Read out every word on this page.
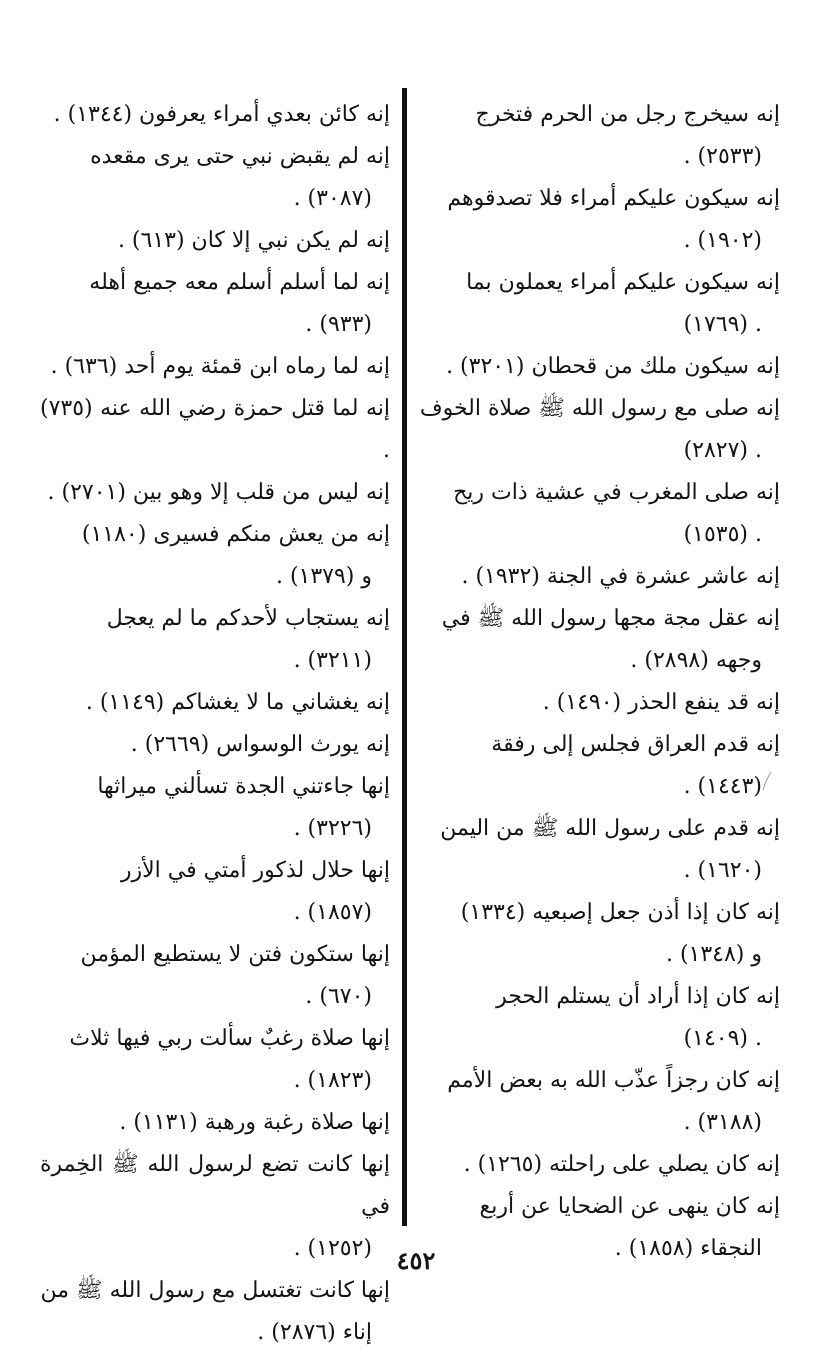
إنه سيخرج رجل من الحرم فتخرج
(٢٥٣٣) .

إنه سيكون عليكم أمراء فلا تصدقوهم
(١٩٠٢) .

إنه سيكون عليكم أمراء يعملون بما
. (١٧٦٩)

إنه سيكون ملك من قحطان (٣٢٠١) .

إنه صلى مع رسول الله ﷺ صلاة الخوف
. (٢٨٢٧)

إنه صلى المغرب في عشية ذات ريح
. (١٥٣٥)

إنه عاشر عشرة في الجنة (١٩٣٢) .

إنه عقل مجة مجها رسول الله ﷺ في
وجهه (٢٨٩٨) .

إنه قد ينفع الحذر (١٤٩٠) .

إنه قدم العراق فجلس إلى رفقة
(١٤٤٣) .

إنه قدم على رسول الله ﷺ من اليمن
(١٦٢٠) .

إنه كان إذا أذن جعل إصبعيه (١٣٣٤)
و (١٣٤٨) .

إنه كان إذا أراد أن يستلم الحجر
. (١٤٠٩)

إنه كان رجزاً عذّب الله به بعض الأمم
(٣١٨٨) .

إنه كان يصلي على راحلته (١٢٦٥) .

إنه كان ينهى عن الضحايا عن أربع
النجقاء (١٨٥٨) .

إنه كائن بعدي أمراء يعرفون (١٣٤٤) .

إنه لم يقبض نبي حتى يرى مقعده
(٣٠٨٧) .

إنه لم يكن نبي إلا كان (٦١٣) .

إنه لما أسلم أسلم معه جميع أهله
(٩٣٣) .

إنه لما رماه ابن قمئة يوم أحد (٦٣٦) .

إنه لما قتل حمزة رضي الله عنه (٧٣٥) .

إنه ليس من قلب إلا وهو بين (٢٧٠١) .

إنه من يعش منكم فسيرى (١١٨٠)
و (١٣٧٩) .

إنه يستجاب لأحدكم ما لم يعجل
(٣٢١١) .

إنه يغشاني ما لا يغشاكم (١١٤٩) .

إنه يورث الوسواس (٢٦٦٩) .

إنها جاءتني الجدة تسألني ميراثها
(٣٢٢٦) .

إنها حلال لذكور أمتي في الأزر
(١٨٥٧) .

إنها ستكون فتن لا يستطيع المؤمن
(٦٧٠) .

إنها صلاة رغبٌ سألت ربي فيها ثلاث
(١٨٢٣) .

إنها صلاة رغبة ورهبة (١١٣١) .

إنها كانت تضع لرسول الله ﷺ الخِمرة في
(١٢٥٢) .

إنها كانت تغتسل مع رسول الله ﷺ من
إناء (٢٨٧٦) .

٤٥٢
